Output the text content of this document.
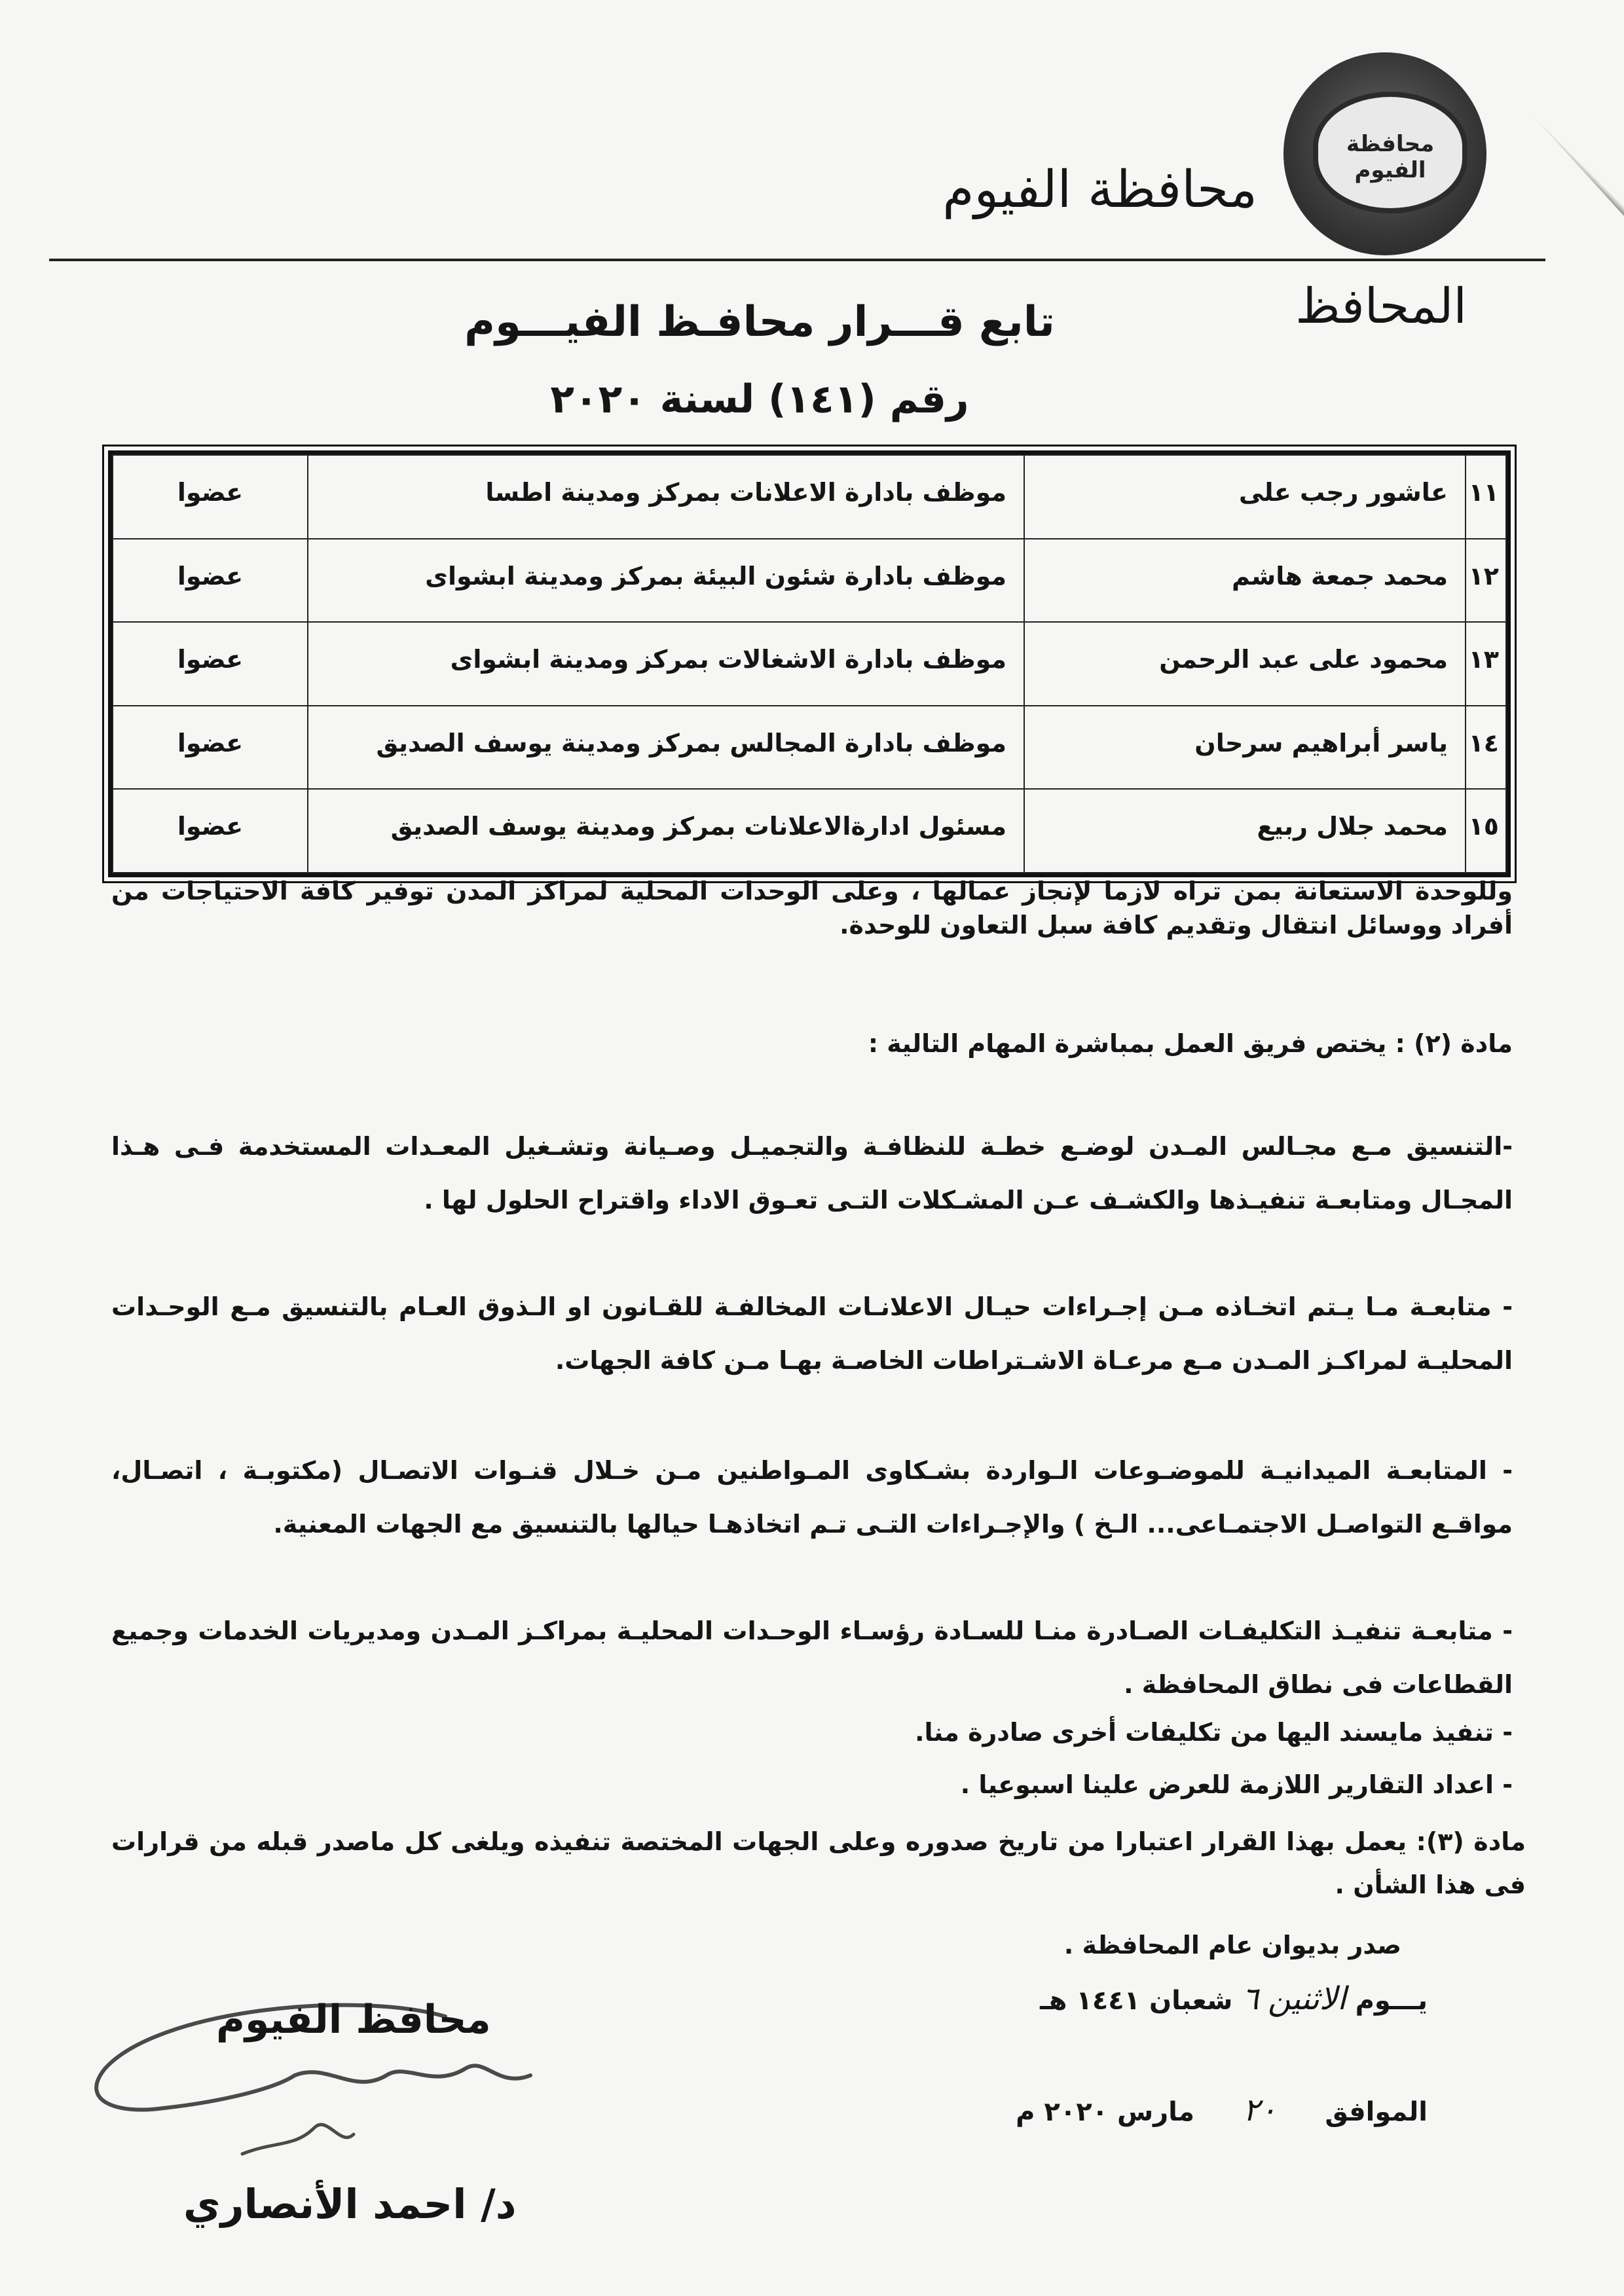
محافظة الفيوم
محافظة الفيوم
المحافظ
تابع قـــرار محافـظ الفيـــوم
رقم (١٤١) لسنة ٢٠٢٠
١١	عاشور رجب على	موظف بادارة الاعلانات بمركز ومدينة اطسا	عضوا
١٢	محمد جمعة هاشم	موظف بادارة شئون البيئة بمركز ومدينة ابشواى	عضوا
١٣	محمود على عبد الرحمن	موظف بادارة الاشغالات بمركز ومدينة ابشواى	عضوا
١٤	ياسر أبراهيم سرحان	موظف بادارة المجالس بمركز ومدينة يوسف الصديق	عضوا
١٥	محمد جلال ربيع	مسئول ادارةالاعلانات بمركز ومدينة يوسف الصديق	عضوا
وللوحدة الاستعانة بمن تراه لازما لإنجاز عمالها ، وعلى الوحدات المحلية لمراكز المدن توفير كافة الاحتياجات من أفراد ووسائل انتقال وتقديم كافة سبل التعاون للوحدة.
مادة (٢) : يختص فريق العمل بمباشرة المهام التالية :
-التنسيق مـع مجـالس المـدن لوضـع خطـة للنظافـة والتجميـل وصـيانة وتشـغيل المعـدات المستخدمة فـى هـذا المجـال ومتابعـة تنفيـذها والكشـف عـن المشـكلات التـى تعـوق الاداء واقتراح الحلول لها .
- متابعـة مـا يـتم اتخـاذه مـن إجـراءات حيـال الاعلانـات المخالفـة للقـانون او الـذوق العـام بالتنسيق مـع الوحـدات المحليـة لمراكـز المـدن مـع مرعـاة الاشـتراطات الخاصـة بهـا مـن كافة الجهات.
- المتابعـة الميدانيـة للموضـوعات الـواردة بشـكاوى المـواطنين مـن خـلال قنـوات الاتصـال (مكتوبـة ، اتصـال، مواقـع التواصـل الاجتمـاعى... الـخ ) والإجـراءات التـى تـم اتخاذهـا حيالها بالتنسيق مع الجهات المعنية.
- متابعـة تنفيـذ التكليفـات الصـادرة منـا للسـادة رؤسـاء الوحـدات المحليـة بمراكـز المـدن ومديريات الخدمات وجميع القطاعات فى نطاق المحافظة .
- تنفيذ مايسند اليها من تكليفات أخرى صادرة منا.
- اعداد التقارير اللازمة للعرض علينا اسبوعيا .
مادة (٣): يعمل بهذا القرار اعتبارا من تاريخ صدوره وعلى الجهات المختصة تنفيذه ويلغى كل ماصدر قبله من قرارات فى هذا الشأن .
صدر بديوان عام المحافظة .
يـــوم الاثنين ٦ شعبان ١٤٤١ هـ
الموافق ٢٠ مارس ٢٠٢٠ م
محافظ الفيوم
د/ احمد الأنصاري
